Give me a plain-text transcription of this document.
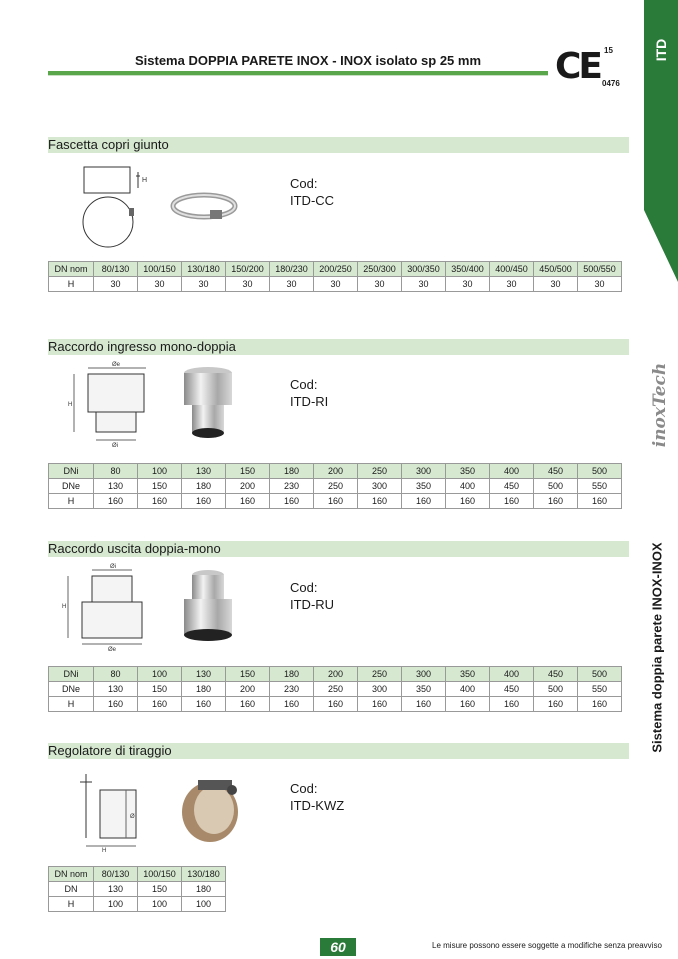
Sistema DOPPIA PARETE INOX - INOX isolato sp 25 mm	CE 15
0476
ITD
inoxTech
Sistema doppia parete INOX-INOX
Fascetta copri giunto
H	Cod:
ITD-CC
DN nom	80/130	100/150	130/180	150/200	180/230	200/250	250/300	300/350	350/400	400/450	450/500	500/550
H	30	30	30	30	30	30	30	30	30	30	30	30
Raccordo ingresso mono-doppia
Øe
H
Øi
Cod:
ITD-RI
DNi	80	100	130	150	180	200	250	300	350	400	450	500
DNe	130	150	180	200	230	250	300	350	400	450	500	550
H	160	160	160	160	160	160	160	160	160	160	160	160
Raccordo uscita doppia-mono
Øi
H
Øe
Cod:
ITD-RU
DNi	80	100	130	150	180	200	250	300	350	400	450	500
DNe	130	150	180	200	230	250	300	350	400	450	500	550
H	160	160	160	160	160	160	160	160	160	160	160	160
Regolatore di tiraggio
Ø
H
Cod:
ITD-KWZ
DN nom	80/130	100/150	130/180
DN	130	150	180
H	100	100	100
60	Le misure possono essere soggette a modifiche senza preavviso
